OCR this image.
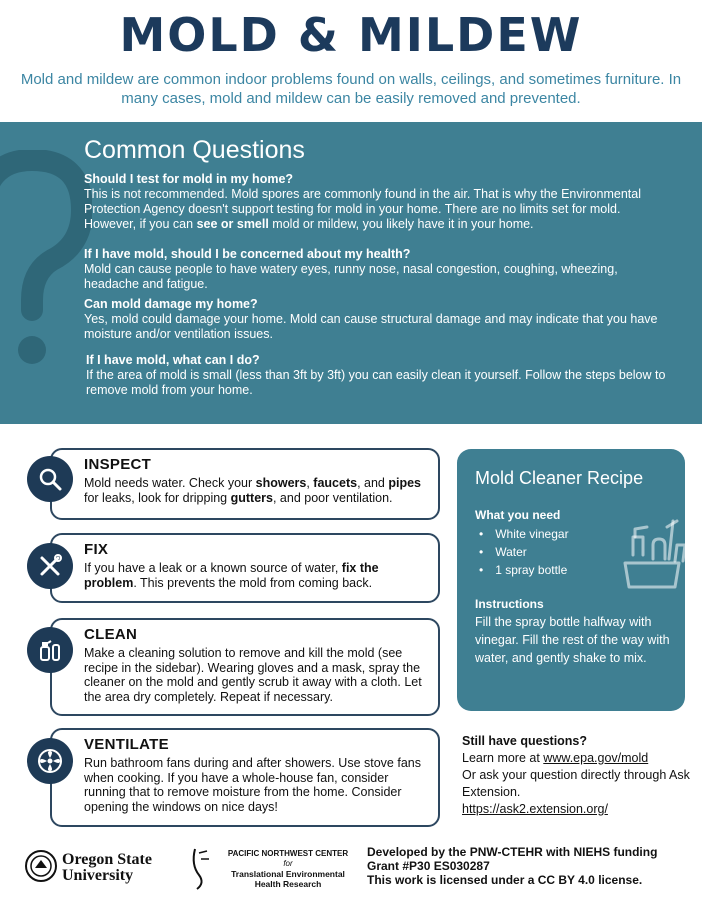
MOLD & MILDEW

Mold and mildew are common indoor problems found on walls, ceilings, and sometimes furniture. In many cases, mold and mildew can be easily removed and prevented.

Common Questions
Should I test for mold in my home?
This is not recommended. Mold spores are commonly found in the air. That is why the Environmental Protection Agency doesn't support testing for mold in your home. There are no limits set for mold. However, if you can see or smell mold or mildew, you likely have it in your home.
If I have mold, should I be concerned about my health?
Mold can cause people to have watery eyes, runny nose, nasal congestion, coughing, wheezing, headache and fatigue.
Can mold damage my home?
Yes, mold could damage your home. Mold can cause structural damage and may indicate that you have moisture and/or ventilation issues.
If I have mold, what can I do?
If the area of mold is small (less than 3ft by 3ft) you can easily clean it yourself. Follow the steps below to remove mold from your home.
INSPECT
Mold needs water. Check your showers, faucets, and pipes for leaks, look for dripping gutters, and poor ventilation.
FIX
If you have a leak or a known source of water, fix the problem. This prevents the mold from coming back.
CLEAN
Make a cleaning solution to remove and kill the mold (see recipe in the sidebar). Wearing gloves and a mask, spray the cleaner on the mold and gently scrub it away with a cloth. Let the area dry completely. Repeat if necessary.
VENTILATE
Run bathroom fans during and after showers. Use stove fans when cooking. If you have a whole-house fan, consider running that to remove moisture from the home. Consider opening the windows on nice days!
Mold Cleaner Recipe
What you need
• White vinegar
• Water
• 1 spray bottle
Instructions
Fill the spray bottle halfway with vinegar. Fill the rest of the way with water, and gently shake to mix.
Still have questions?
Learn more at www.epa.gov/mold
Or ask your question directly through Ask Extension.
https://ask2.extension.org/
Oregon State
University
PACIFIC NORTHWEST CENTER
for
Translational Environmental
Health Research
Developed by the PNW-CTEHR with NIEHS funding
Grant #P30 ES030287
This work is licensed under a CC BY 4.0 license.
